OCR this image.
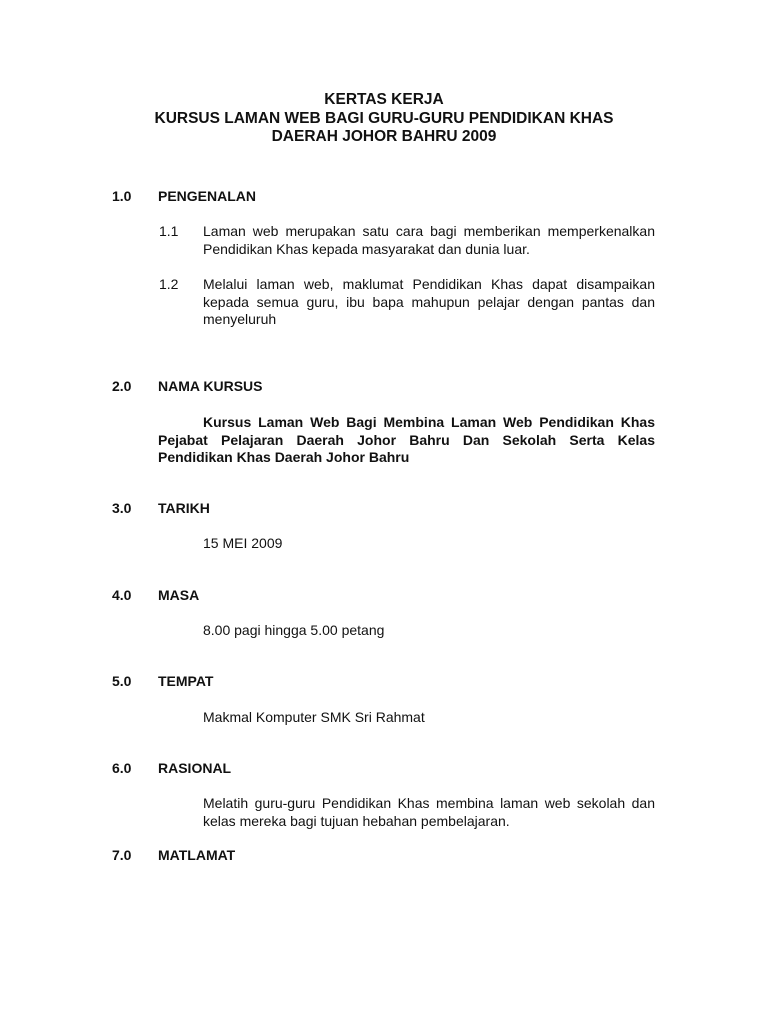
KERTAS KERJA
KURSUS LAMAN WEB BAGI GURU-GURU PENDIDIKAN KHAS
DAERAH JOHOR BAHRU 2009
1.0 PENGENALAN
1.1 Laman web merupakan satu cara bagi memberikan memperkenalkan Pendidikan Khas kepada masyarakat dan dunia luar.
1.2 Melalui laman web, maklumat Pendidikan Khas dapat disampaikan kepada semua guru, ibu bapa mahupun pelajar dengan pantas dan menyeluruh
2.0 NAMA KURSUS
Kursus Laman Web Bagi Membina Laman Web Pendidikan Khas Pejabat Pelajaran Daerah Johor Bahru Dan Sekolah Serta Kelas Pendidikan Khas Daerah Johor Bahru
3.0 TARIKH
15 MEI 2009
4.0 MASA
8.00 pagi hingga 5.00 petang
5.0 TEMPAT
Makmal Komputer SMK Sri Rahmat
6.0 RASIONAL
Melatih guru-guru Pendidikan Khas membina laman web sekolah dan kelas mereka bagi tujuan hebahan pembelajaran.
7.0 MATLAMAT
